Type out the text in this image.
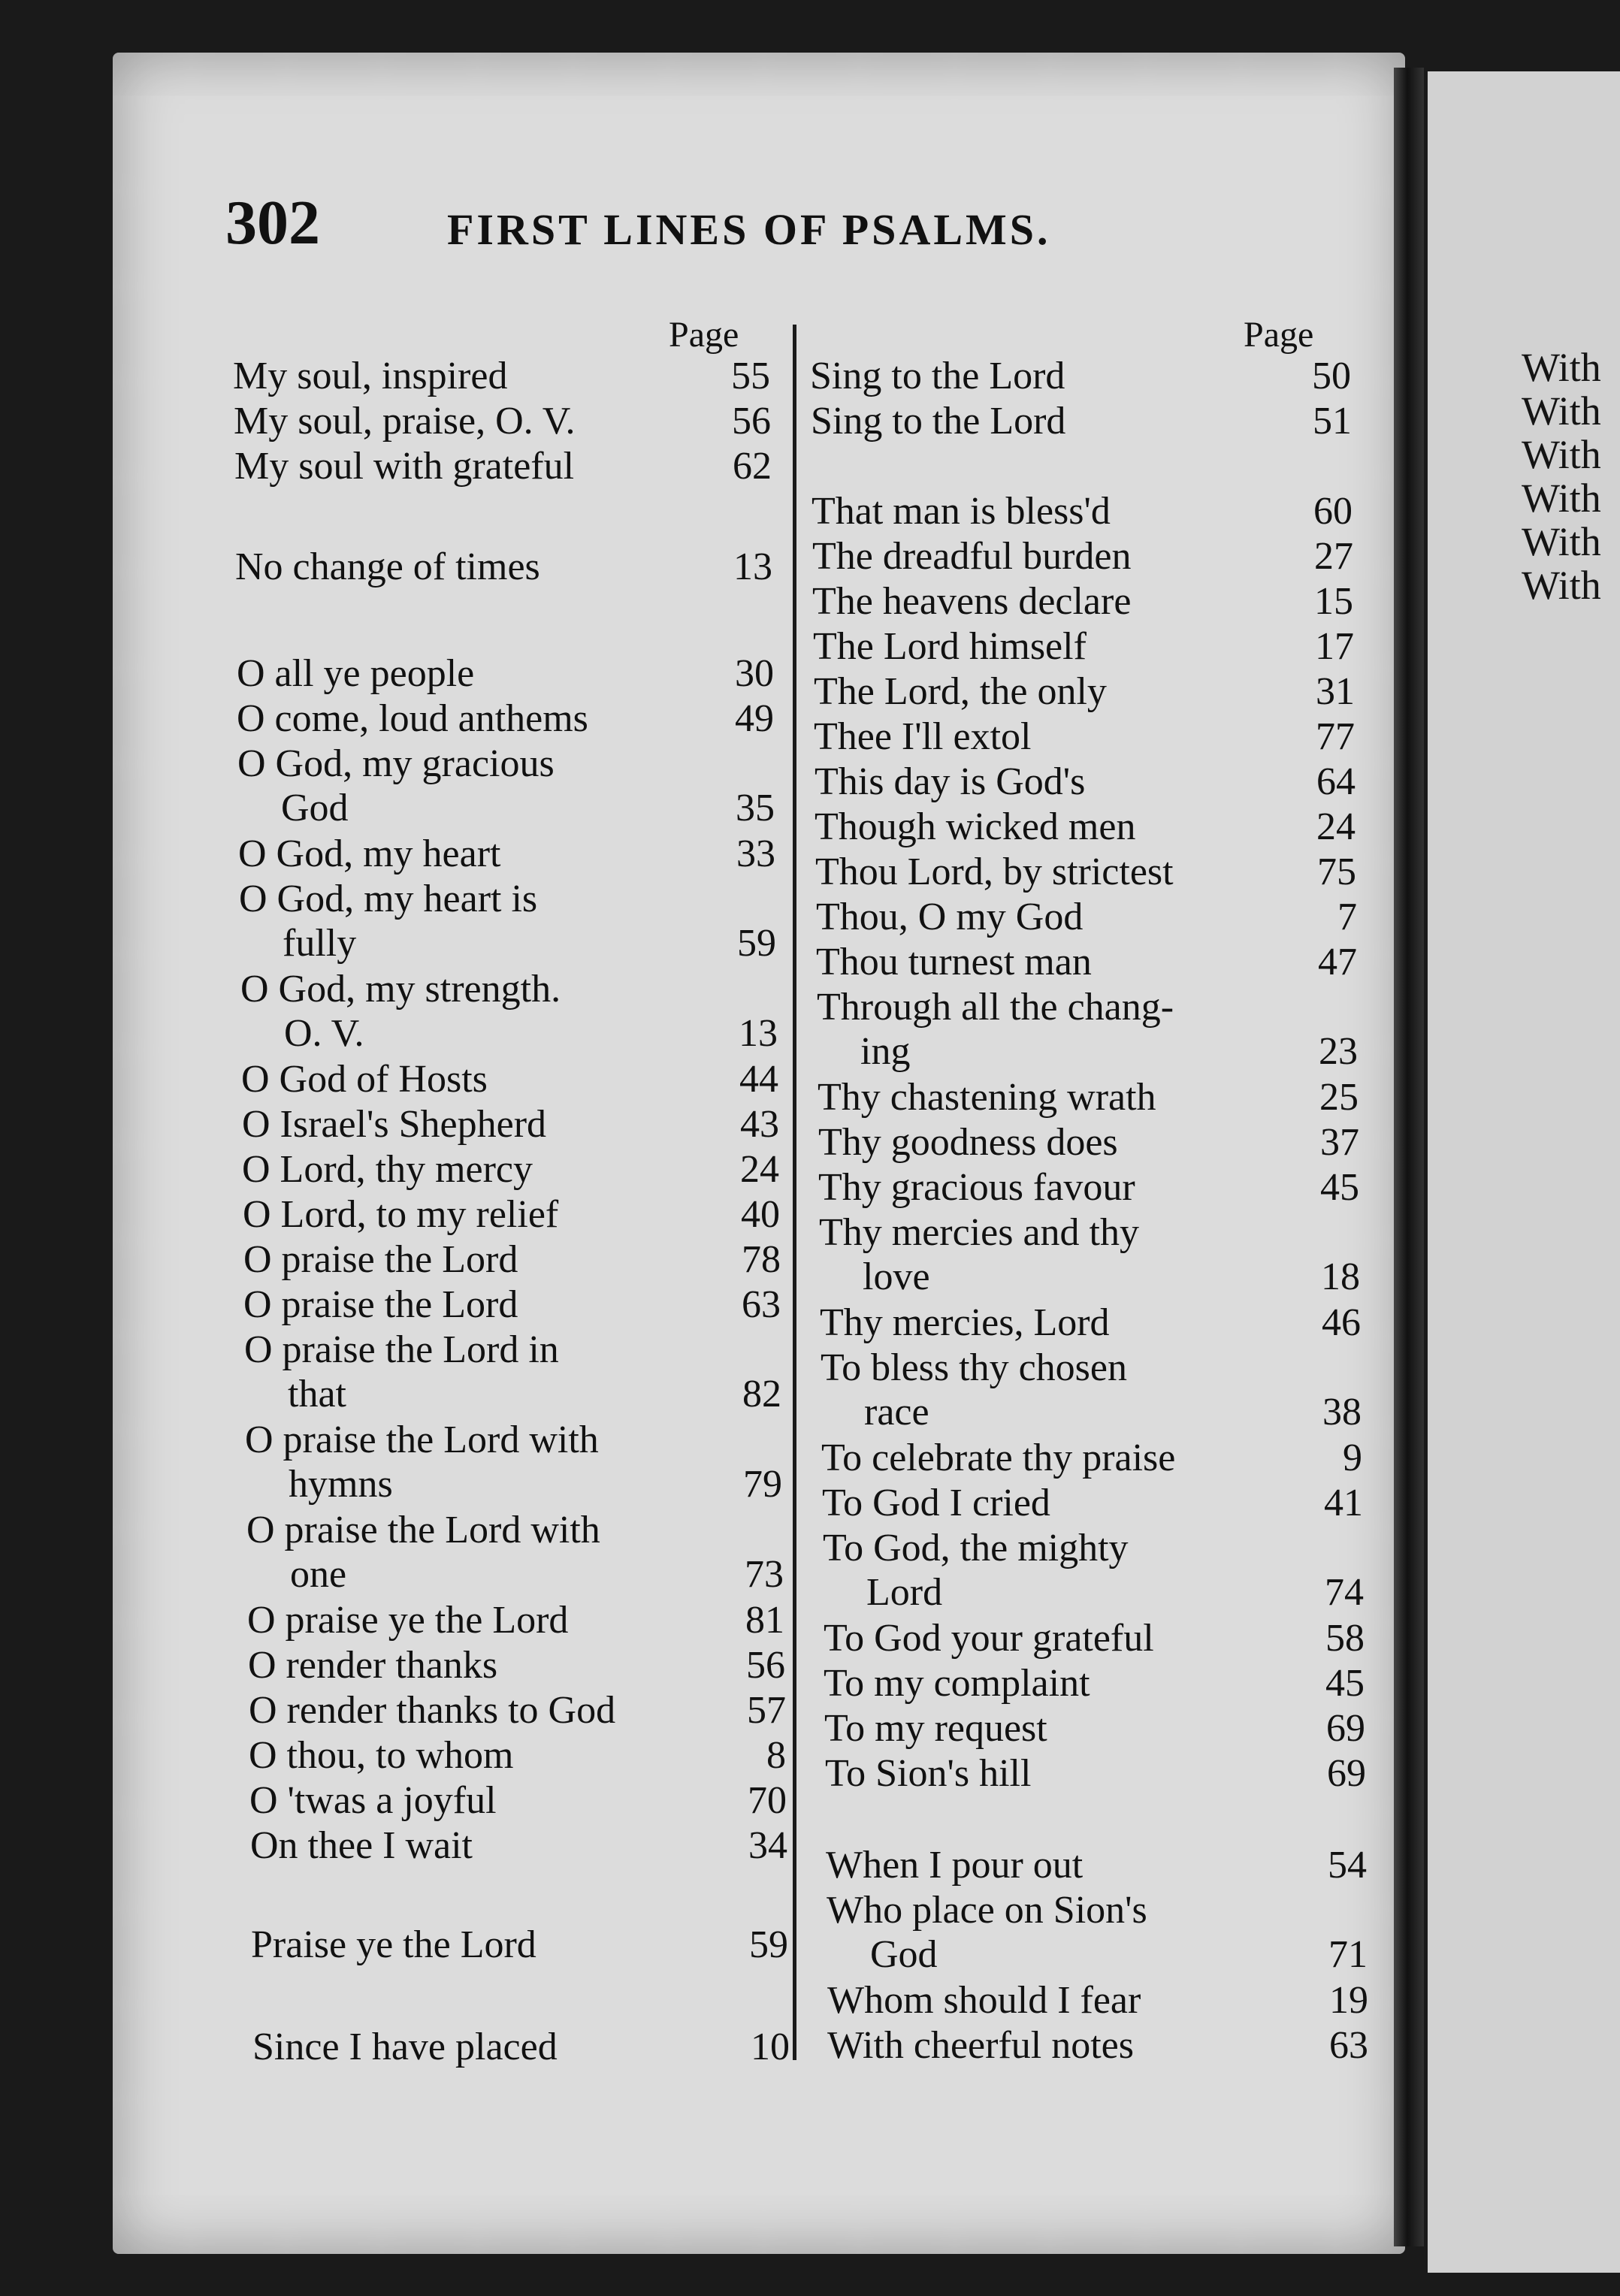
302	FIRST LINES OF PSALMS.
Page	Page
My soul, inspired	55
My soul, praise, O. V.	56
My soul with grateful	62
No change of times	13
O all ye people	30
O come, loud anthems	49
O God, my gracious
God	35
O God, my heart	33
O God, my heart is
fully	59
O God, my strength.
O. V.	13
O God of Hosts	44
O Israel's Shepherd	43
O Lord, thy mercy	24
O Lord, to my relief	40
O praise the Lord	78
O praise the Lord	63
O praise the Lord in
that	82
O praise the Lord with
hymns	79
O praise the Lord with
one	73
O praise ye the Lord	81
O render thanks	56
O render thanks to God	57
O thou, to whom	8
O 'twas a joyful	70
On thee I wait	34
Praise ye the Lord	59
Since I have placed	10
Sing to the Lord	50
Sing to the Lord	51
That man is bless'd	60
The dreadful burden	27
The heavens declare	15
The Lord himself	17
The Lord, the only	31
Thee I'll extol	77
This day is God's	64
Though wicked men	24
Thou Lord, by strictest	75
Thou, O my God	7
Thou turnest man	47
Through all the chang-
ing	23
Thy chastening wrath	25
Thy goodness does	37
Thy gracious favour	45
Thy mercies and thy
love	18
Thy mercies, Lord	46
To bless thy chosen
race	38
To celebrate thy praise	9
To God I cried	41
To God, the mighty
Lord	74
To God your grateful	58
To my complaint	45
To my request	69
To Sion's hill	69
When I pour out	54
Who place on Sion's
God	71
Whom should I fear	19
With cheerful notes	63
With
With
With
With
With
With
